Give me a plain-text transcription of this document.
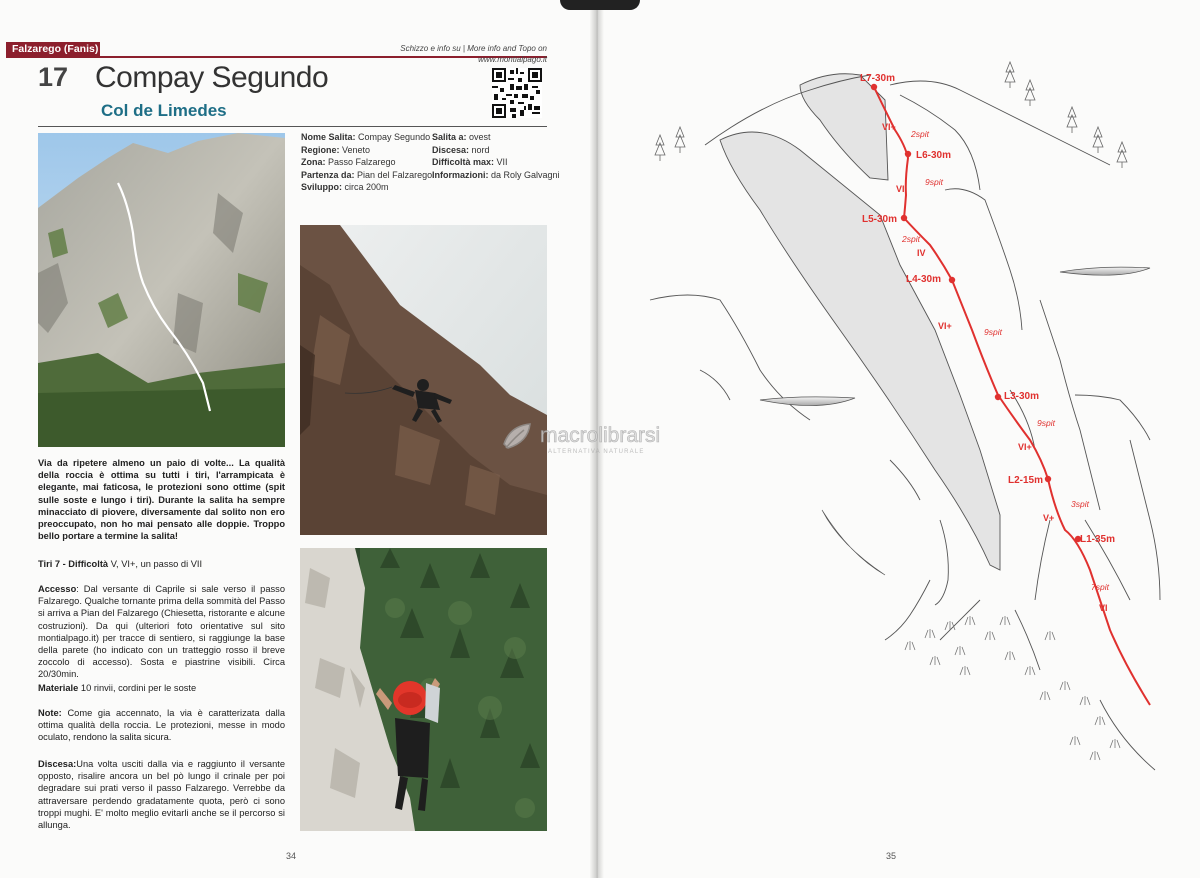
Falzarego (Fanis)	Schizzo e info su | More info and Topo on
www.montialpago.it
17 Compay Segundo
Col de Limedes
Nome Salita: Compay Segundo
Regione: Veneto
Zona: Passo Falzarego
Partenza da: Pian del Falzarego
Sviluppo: circa 200m
Salita a: ovest
Discesa: nord
Difficoltà max: VII
Informazioni: da Roly Galvagni
Via da ripetere almeno un paio di volte... La qualità della roccia è ottima su tutti i tiri, l'arrampicata è elegante, mai faticosa, le protezioni sono ottime (spit sulle soste e lungo i tiri). Durante la salita ha sempre minacciato di piovere, diversamente dal solito non ero preoccupato, non ho mai pensato alle doppie. Troppo bello portare a termine la salita!
Tiri 7 - Difficoltà V, VI+, un passo di VII
Accesso: Dal versante di Caprile si sale verso il passo Falzarego. Qualche tornante prima della sommità del Passo si arriva a Pian del Falzarego (Chiesetta, ristorante e alcune costruzioni). Da qui (ulteriori foto orientative sul sito montialpago.it) per tracce di sentiero, si raggiunge la base della parete (ho indicato con un tratteggio rosso il breve zoccolo di accesso). Sosta e piastrine visibili. Circa 20/30min.
Materiale 10 rinvii, cordini per le soste
Note: Come gia accennato, la via è caratterizata dalla ottima qualità della roccia. Le protezioni, messe in modo oculato, rendono la salita sicura.
Discesa:Una volta usciti dalla via e raggiunto il versante opposto, risalire ancora un bel pò lungo il crinale per poi degradare sui prati verso il passo Falzarego. Verrebbe da attraversare perdendo gradatamente quota, però ci sono troppi mughi. E' molto meglio evitarli anche se il percorso si allunga.
34
L7-30m
L6-30m
L5-30m
L4-30m
L3-30m
L2-15m
L1-35m
VI+
VII
IV
VI+
VI+
V+
VI
2spit
9spit
2spit
9spit
9spit
3spit
7spit
35
macrolibrarsi
ALTERNATIVA NATURALE
